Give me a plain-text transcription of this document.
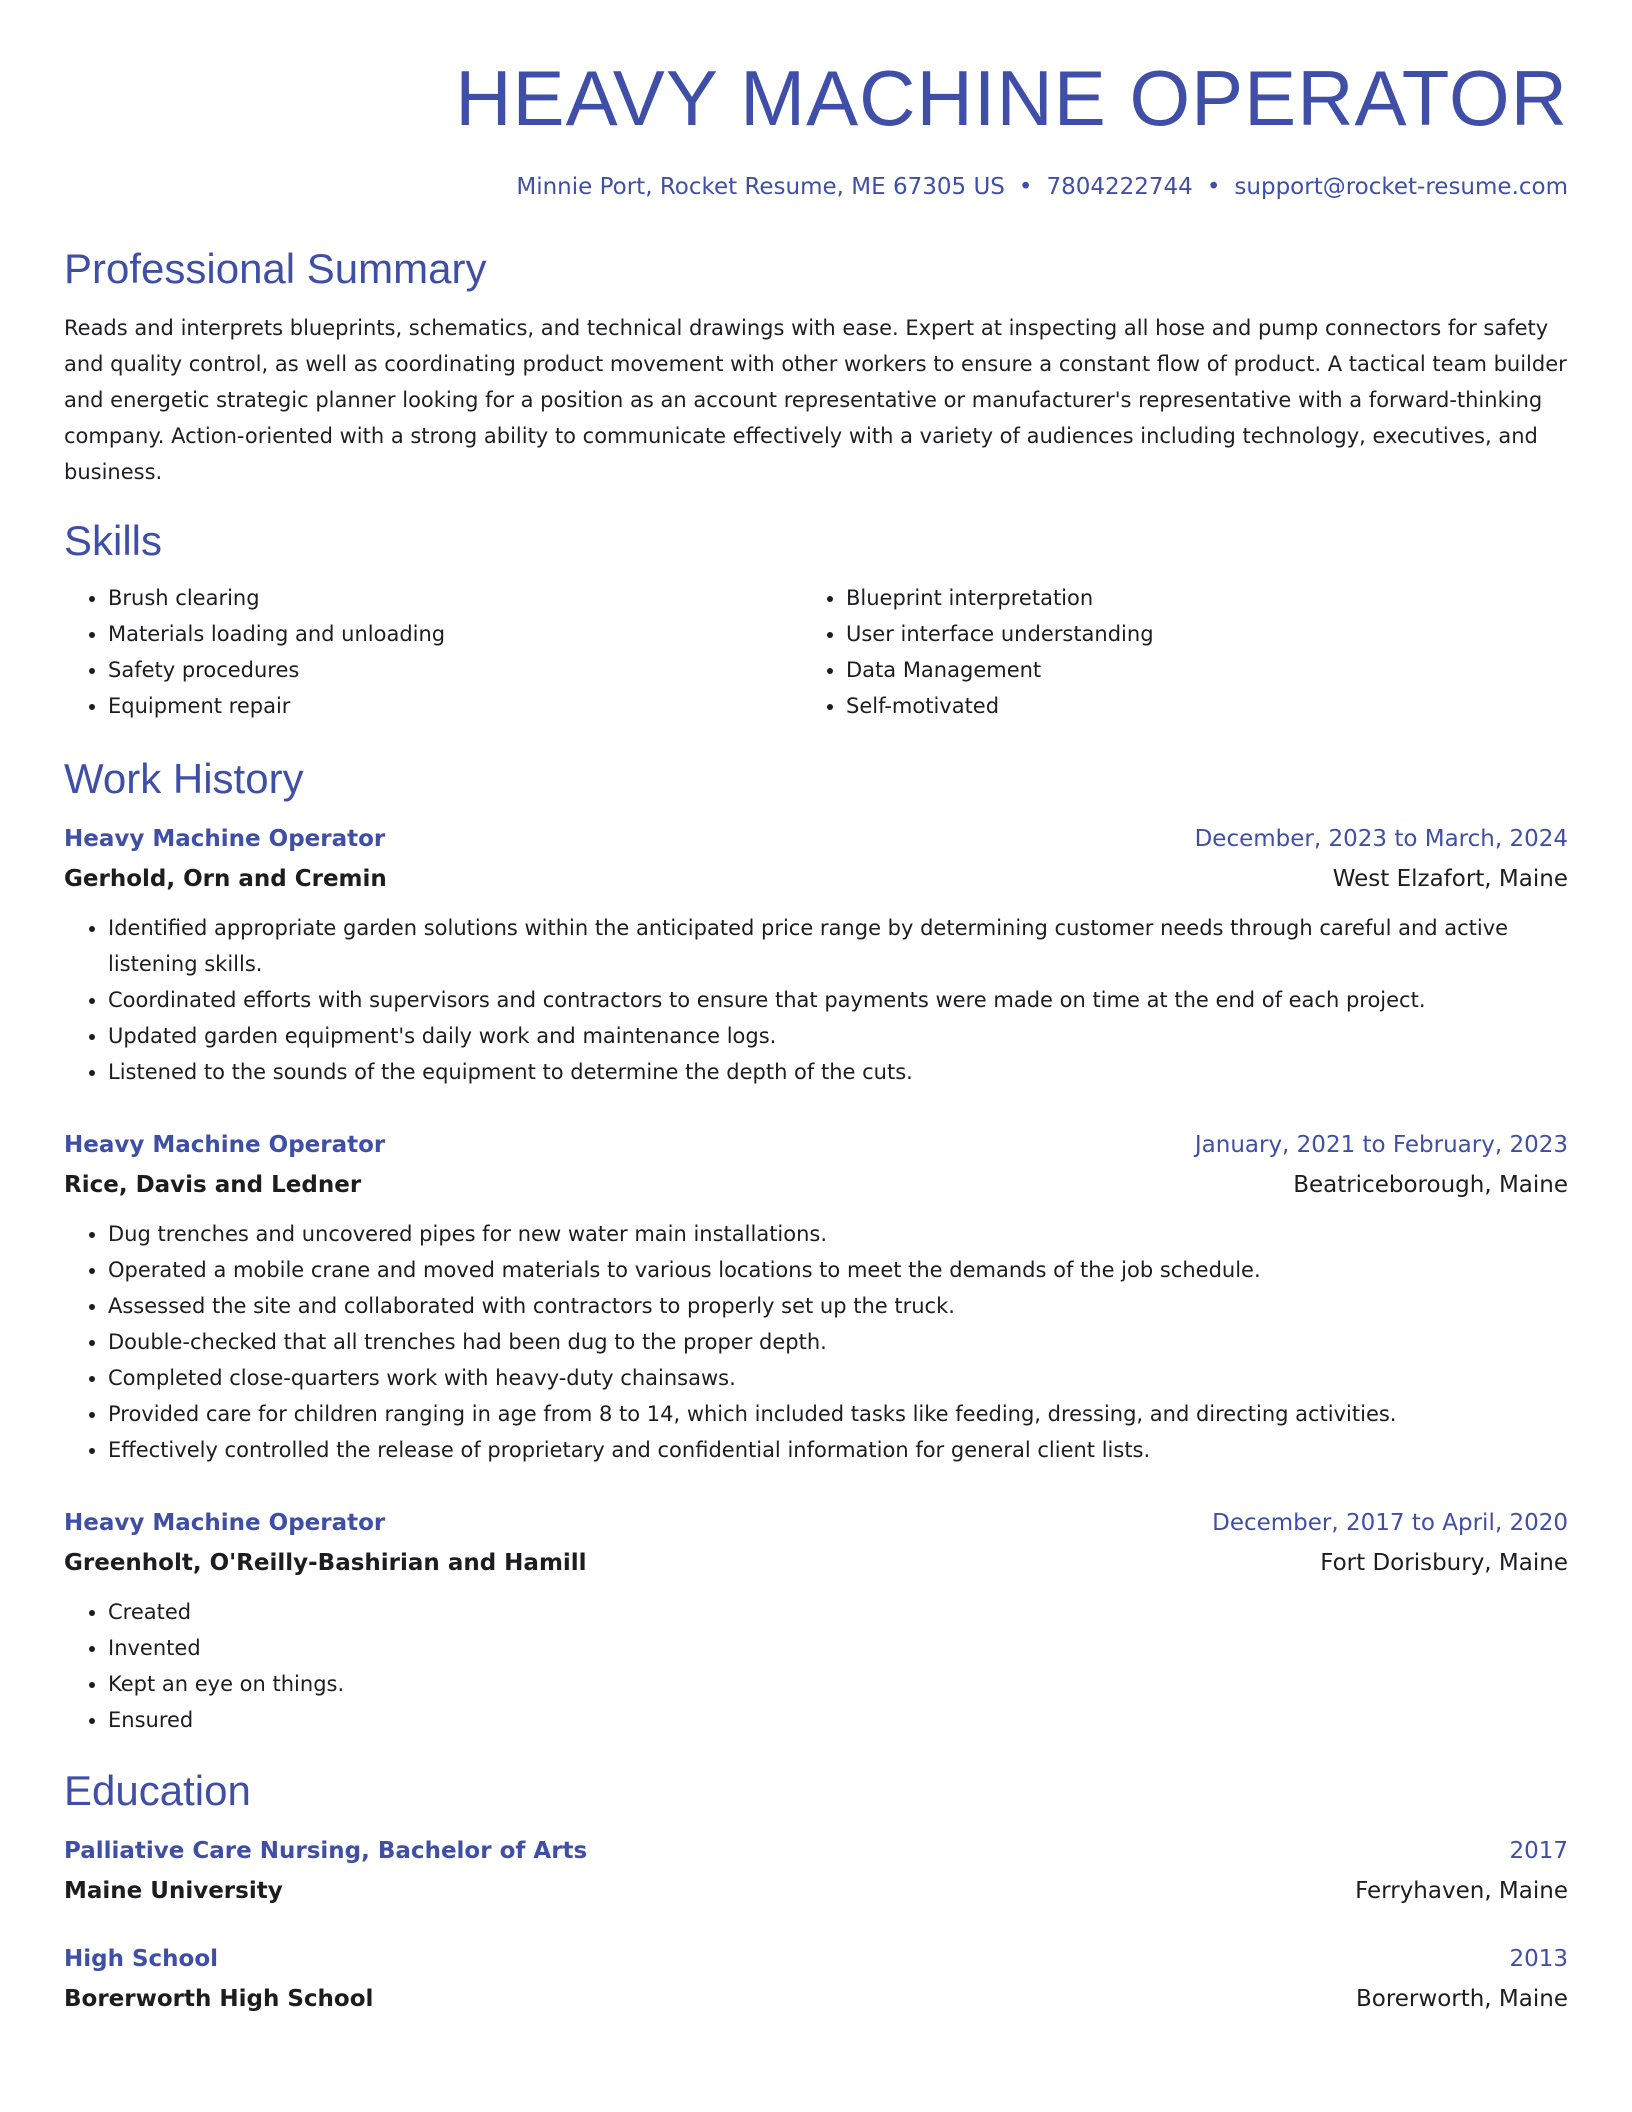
HEAVY MACHINE OPERATOR
Minnie Port, Rocket Resume, ME 67305 US • 7804222744 • support@rocket-resume.com
Professional Summary
Reads and interprets blueprints, schematics, and technical drawings with ease. Expert at inspecting all hose and pump connectors for safety and quality control, as well as coordinating product movement with other workers to ensure a constant flow of product. A tactical team builder and energetic strategic planner looking for a position as an account representative or manufacturer's representative with a forward-thinking company. Action-oriented with a strong ability to communicate effectively with a variety of audiences including technology, executives, and business.
Skills
• Brush clearing
• Materials loading and unloading
• Safety procedures
• Equipment repair
• Blueprint interpretation
• User interface understanding
• Data Management
• Self-motivated
Work History
Heavy Machine Operator	December, 2023 to March, 2024
Gerhold, Orn and Cremin	West Elzafort, Maine
• Identified appropriate garden solutions within the anticipated price range by determining customer needs through careful and active listening skills.
• Coordinated efforts with supervisors and contractors to ensure that payments were made on time at the end of each project.
• Updated garden equipment's daily work and maintenance logs.
• Listened to the sounds of the equipment to determine the depth of the cuts.
Heavy Machine Operator	January, 2021 to February, 2023
Rice, Davis and Ledner	Beatriceborough, Maine
• Dug trenches and uncovered pipes for new water main installations.
• Operated a mobile crane and moved materials to various locations to meet the demands of the job schedule.
• Assessed the site and collaborated with contractors to properly set up the truck.
• Double-checked that all trenches had been dug to the proper depth.
• Completed close-quarters work with heavy-duty chainsaws.
• Provided care for children ranging in age from 8 to 14, which included tasks like feeding, dressing, and directing activities.
• Effectively controlled the release of proprietary and confidential information for general client lists.
Heavy Machine Operator	December, 2017 to April, 2020
Greenholt, O'Reilly-Bashirian and Hamill	Fort Dorisbury, Maine
• Created
• Invented
• Kept an eye on things.
• Ensured
Education
Palliative Care Nursing, Bachelor of Arts	2017
Maine University	Ferryhaven, Maine
High School	2013
Borerworth High School	Borerworth, Maine
